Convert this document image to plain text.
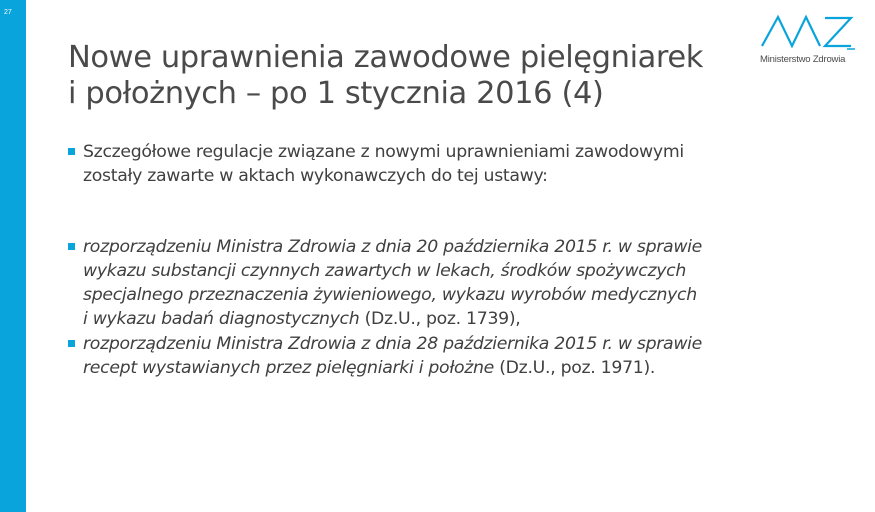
27
Nowe uprawnienia zawodowe pielęgniarek
i położnych – po 1 stycznia 2016 (4)
Ministerstwo Zdrowia
Szczegółowe regulacje związane z nowymi uprawnieniami zawodowymi
zostały zawarte w aktach wykonawczych do tej ustawy:
rozporządzeniu Ministra Zdrowia z dnia 20 października 2015 r. w sprawie
wykazu substancji czynnych zawartych w lekach, środków spożywczych
specjalnego przeznaczenia żywieniowego, wykazu wyrobów medycznych
i wykazu badań diagnostycznych (Dz.U., poz. 1739),
rozporządzeniu Ministra Zdrowia z dnia 28 października 2015 r. w sprawie
recept wystawianych przez pielęgniarki i położne (Dz.U., poz. 1971).
